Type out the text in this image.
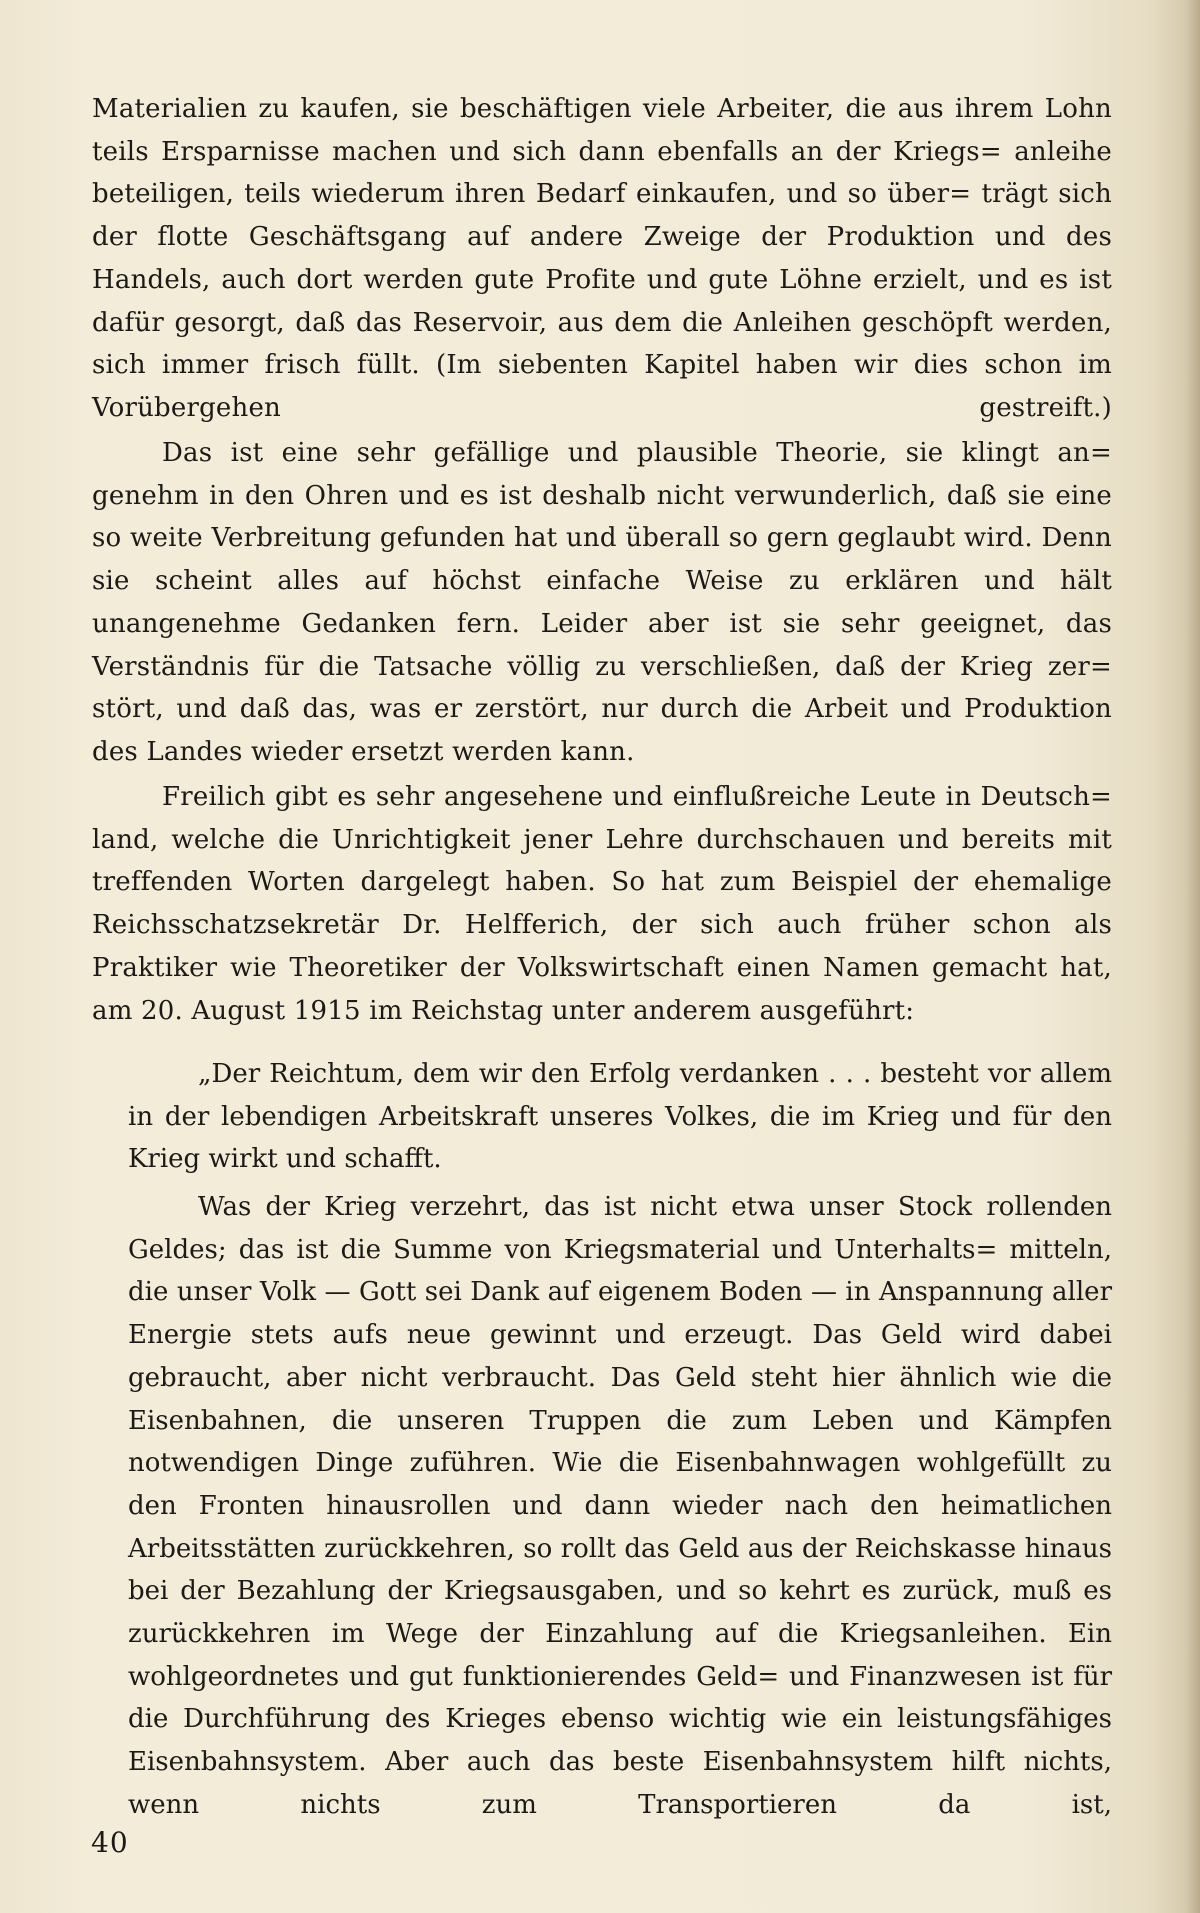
Materialien zu kaufen, sie beschäftigen viele Arbeiter, die aus ihrem Lohn teils Ersparnisse machen und sich dann ebenfalls an der Kriegs= anleihe beteiligen, teils wiederum ihren Bedarf einkaufen, und so über= trägt sich der flotte Geschäftsgang auf andere Zweige der Produktion und des Handels, auch dort werden gute Profite und gute Löhne erzielt, und es ist dafür gesorgt, daß das Reservoir, aus dem die Anleihen geschöpft werden, sich immer frisch füllt. (Im siebenten Kapitel haben wir dies schon im Vorübergehen gestreift.)

Das ist eine sehr gefällige und plausible Theorie, sie klingt an= genehm in den Ohren und es ist deshalb nicht verwunderlich, daß sie eine so weite Verbreitung gefunden hat und überall so gern geglaubt wird. Denn sie scheint alles auf höchst einfache Weise zu erklären und hält unangenehme Gedanken fern. Leider aber ist sie sehr geeignet, das Verständnis für die Tatsache völlig zu verschließen, daß der Krieg zer= stört, und daß das, was er zerstört, nur durch die Arbeit und Produktion des Landes wieder ersetzt werden kann.

Freilich gibt es sehr angesehene und einflußreiche Leute in Deutsch= land, welche die Unrichtigkeit jener Lehre durchschauen und bereits mit treffenden Worten dargelegt haben. So hat zum Beispiel der ehemalige Reichsschatzsekretär Dr. Helfferich, der sich auch früher schon als Praktiker wie Theoretiker der Volkswirtschaft einen Namen gemacht hat, am 20. August 1915 im Reichstag unter anderem ausgeführt:

„Der Reichtum, dem wir den Erfolg verdanken . . . besteht vor allem in der lebendigen Arbeitskraft unseres Volkes, die im Krieg und für den Krieg wirkt und schafft.

Was der Krieg verzehrt, das ist nicht etwa unser Stock rollenden Geldes; das ist die Summe von Kriegsmaterial und Unterhalts= mitteln, die unser Volk — Gott sei Dank auf eigenem Boden — in Anspannung aller Energie stets aufs neue gewinnt und erzeugt. Das Geld wird dabei gebraucht, aber nicht verbraucht. Das Geld steht hier ähnlich wie die Eisenbahnen, die unseren Truppen die zum Leben und Kämpfen notwendigen Dinge zuführen. Wie die Eisenbahnwagen wohlgefüllt zu den Fronten hinausrollen und dann wieder nach den heimatlichen Arbeitsstätten zurückkehren, so rollt das Geld aus der Reichskasse hinaus bei der Bezahlung der Kriegsausgaben, und so kehrt es zurück, muß es zurückkehren im Wege der Einzahlung auf die Kriegsanleihen. Ein wohlgeordnetes und gut funktionierendes Geld= und Finanzwesen ist für die Durchführung des Krieges ebenso wichtig wie ein leistungsfähiges Eisenbahnsystem. Aber auch das beste Eisenbahnsystem hilft nichts, wenn nichts zum Transportieren da ist,

40
